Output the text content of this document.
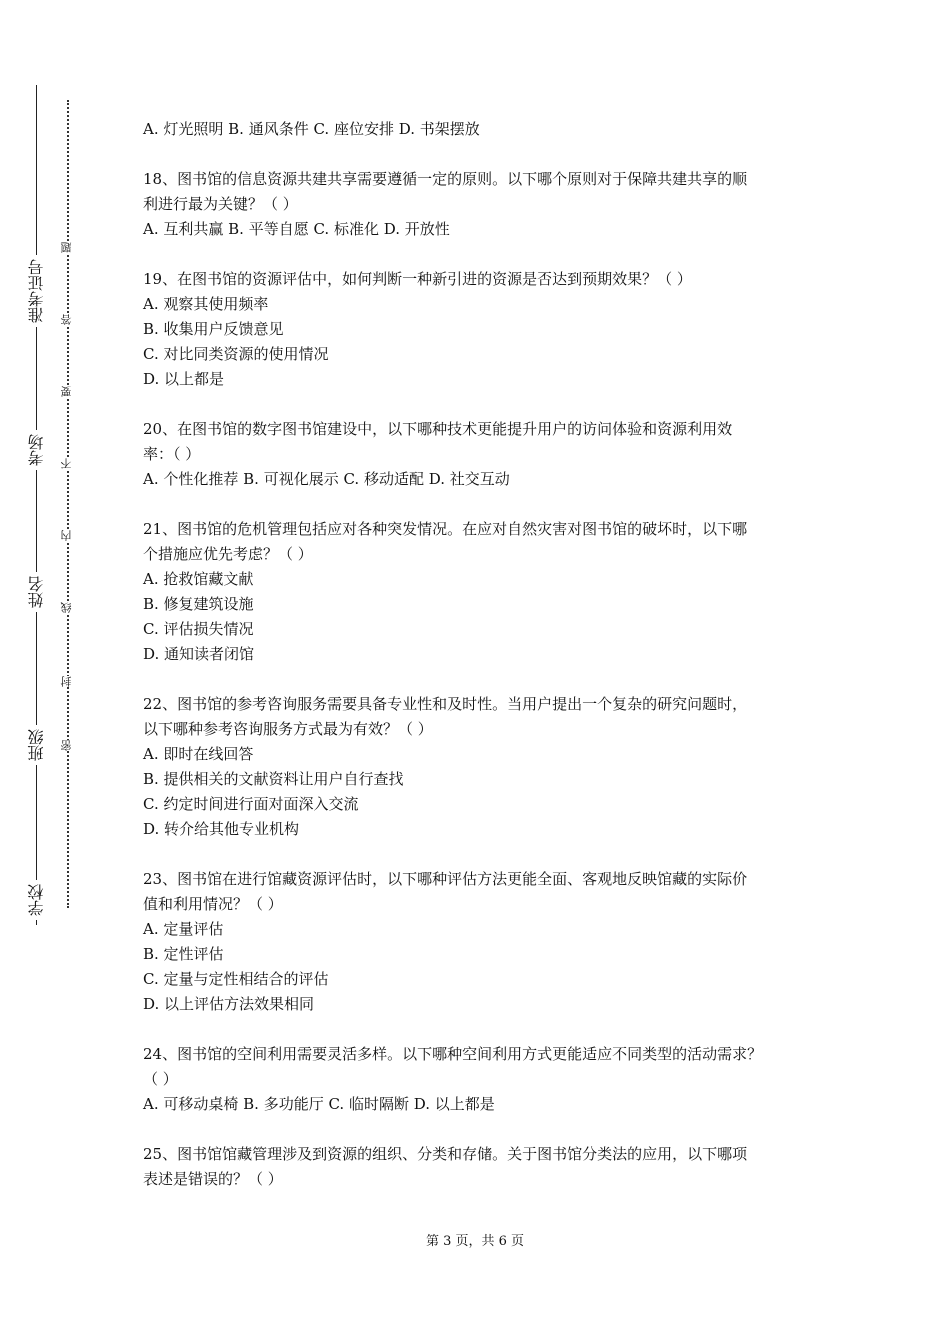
学校
班级
姓名
考场
准考证号
密
封
线
内
不
要
答
题

A. 灯光照明 B. 通风条件 C. 座位安排 D. 书架摆放

18、图书馆的信息资源共建共享需要遵循一定的原则。以下哪个原则对于保障共建共享的顺

利进行最为关键？（ ）

A. 互利共赢 B. 平等自愿 C. 标准化 D. 开放性

19、在图书馆的资源评估中，如何判断一种新引进的资源是否达到预期效果？（ ）

A. 观察其使用频率

B. 收集用户反馈意见

C. 对比同类资源的使用情况

D. 以上都是

20、在图书馆的数字图书馆建设中，以下哪种技术更能提升用户的访问体验和资源利用效

率：（ ）

A. 个性化推荐 B. 可视化展示 C. 移动适配 D. 社交互动

21、图书馆的危机管理包括应对各种突发情况。在应对自然灾害对图书馆的破坏时，以下哪

个措施应优先考虑？（ ）

A. 抢救馆藏文献

B. 修复建筑设施

C. 评估损失情况

D. 通知读者闭馆

22、图书馆的参考咨询服务需要具备专业性和及时性。当用户提出一个复杂的研究问题时，

以下哪种参考咨询服务方式最为有效？（ ）

A. 即时在线回答

B. 提供相关的文献资料让用户自行查找

C. 约定时间进行面对面深入交流

D. 转介给其他专业机构

23、图书馆在进行馆藏资源评估时，以下哪种评估方法更能全面、客观地反映馆藏的实际价

值和利用情况？（ ）

A. 定量评估

B. 定性评估

C. 定量与定性相结合的评估

D. 以上评估方法效果相同

24、图书馆的空间利用需要灵活多样。以下哪种空间利用方式更能适应不同类型的活动需求？

（ ）

A. 可移动桌椅 B. 多功能厅 C. 临时隔断 D. 以上都是

25、图书馆馆藏管理涉及到资源的组织、分类和存储。关于图书馆分类法的应用，以下哪项

表述是错误的？（ ）

第 3 页，共 6 页
